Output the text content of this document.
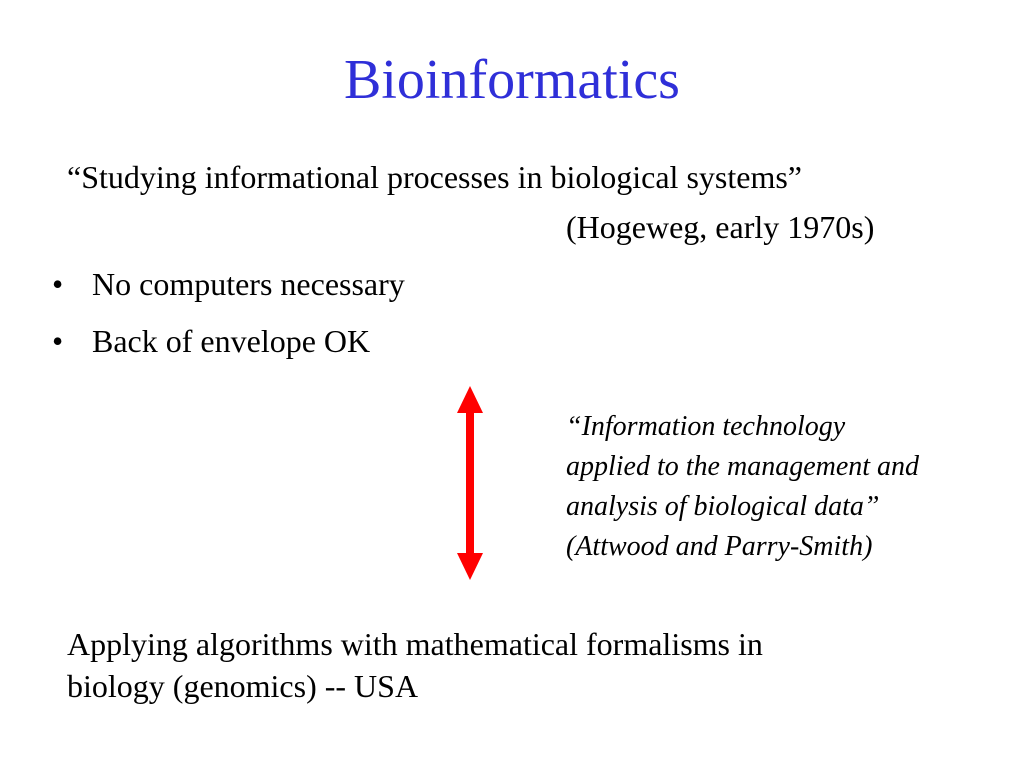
Bioinformatics
“Studying informational processes in biological systems”
(Hogeweg, early 1970s)
• No computers necessary
• Back of envelope OK
“Information technology
applied to the management and
analysis of biological data”
(Attwood and Parry-Smith)
Applying algorithms with mathematical formalisms in
biology (genomics) -- USA
